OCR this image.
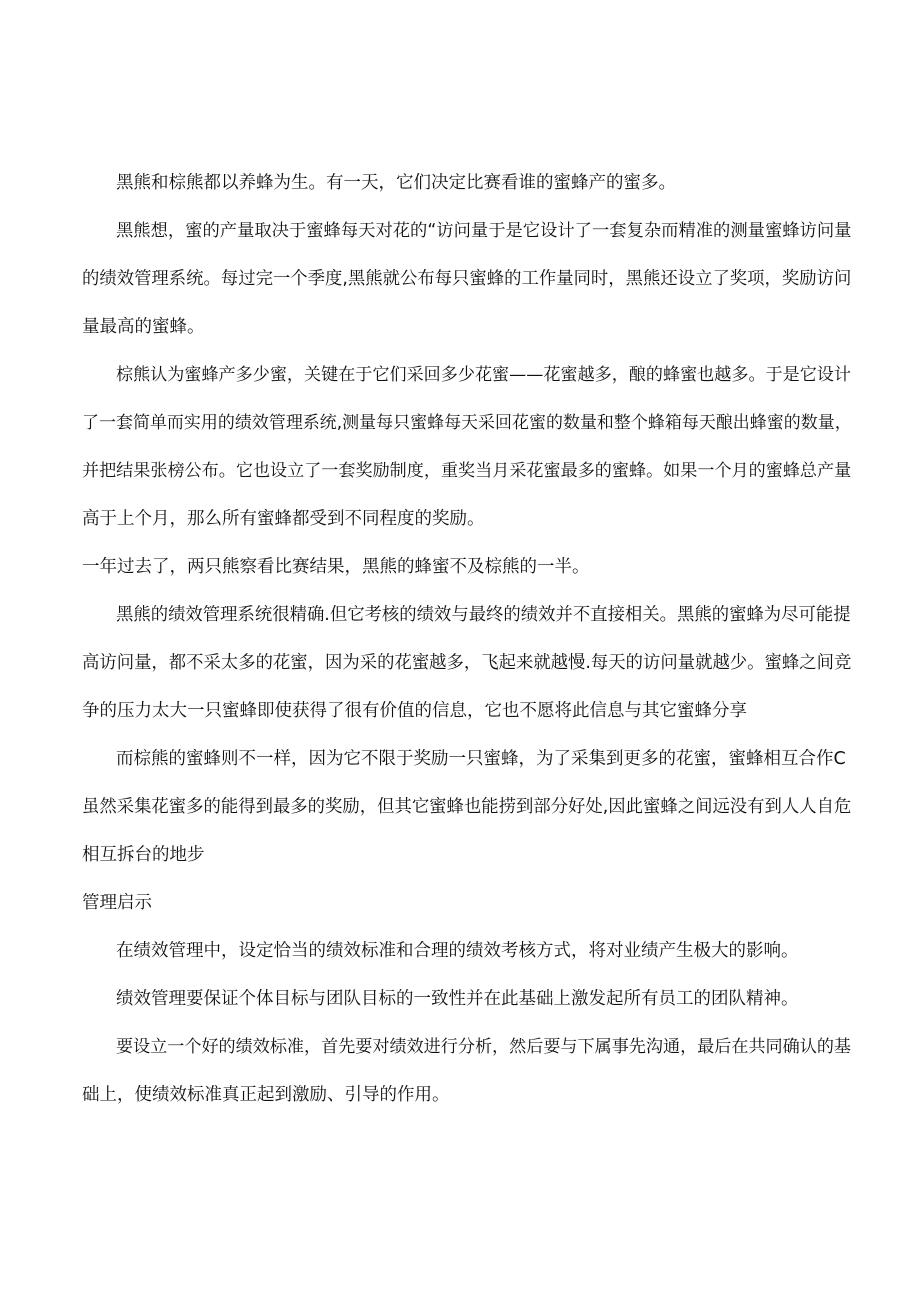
黑熊和棕熊都以养蜂为生。有一天，它们决定比赛看谁的蜜蜂产的蜜多。
黑熊想，蜜的产量取决于蜜蜂每天对花的“访问量于是它设计了一套复杂而精准的测量蜜蜂访问量
的绩效管理系统。每过完一个季度,黑熊就公布每只蜜蜂的工作量同时，黑熊还设立了奖项，奖励访问
量最高的蜜蜂。
棕熊认为蜜蜂产多少蜜，关键在于它们采回多少花蜜——花蜜越多，酿的蜂蜜也越多。于是它设计
了一套简单而实用的绩效管理系统,测量每只蜜蜂每天采回花蜜的数量和整个蜂箱每天酿出蜂蜜的数量，
并把结果张榜公布。它也设立了一套奖励制度，重奖当月采花蜜最多的蜜蜂。如果一个月的蜜蜂总产量
高于上个月，那么所有蜜蜂都受到不同程度的奖励。
一年过去了，两只熊察看比赛结果，黑熊的蜂蜜不及棕熊的一半。
黑熊的绩效管理系统很精确.但它考核的绩效与最终的绩效并不直接相关。黑熊的蜜蜂为尽可能提
高访问量，都不采太多的花蜜，因为采的花蜜越多，飞起来就越慢.每天的访问量就越少。蜜蜂之间竞
争的压力太大一只蜜蜂即使获得了很有价值的信息，它也不愿将此信息与其它蜜蜂分享
而棕熊的蜜蜂则不一样，因为它不限于奖励一只蜜蜂，为了采集到更多的花蜜，蜜蜂相互合作C
虽然采集花蜜多的能得到最多的奖励，但其它蜜蜂也能捞到部分好处,因此蜜蜂之间远没有到人人自危
相互拆台的地步
管理启示
在绩效管理中，设定恰当的绩效标准和合理的绩效考核方式，将对业绩产生极大的影响。
绩效管理要保证个体目标与团队目标的一致性并在此基础上激发起所有员工的团队精神。
要设立一个好的绩效标准，首先要对绩效进行分析，然后要与下属事先沟通，最后在共同确认的基
础上，使绩效标准真正起到激励、引导的作用。
